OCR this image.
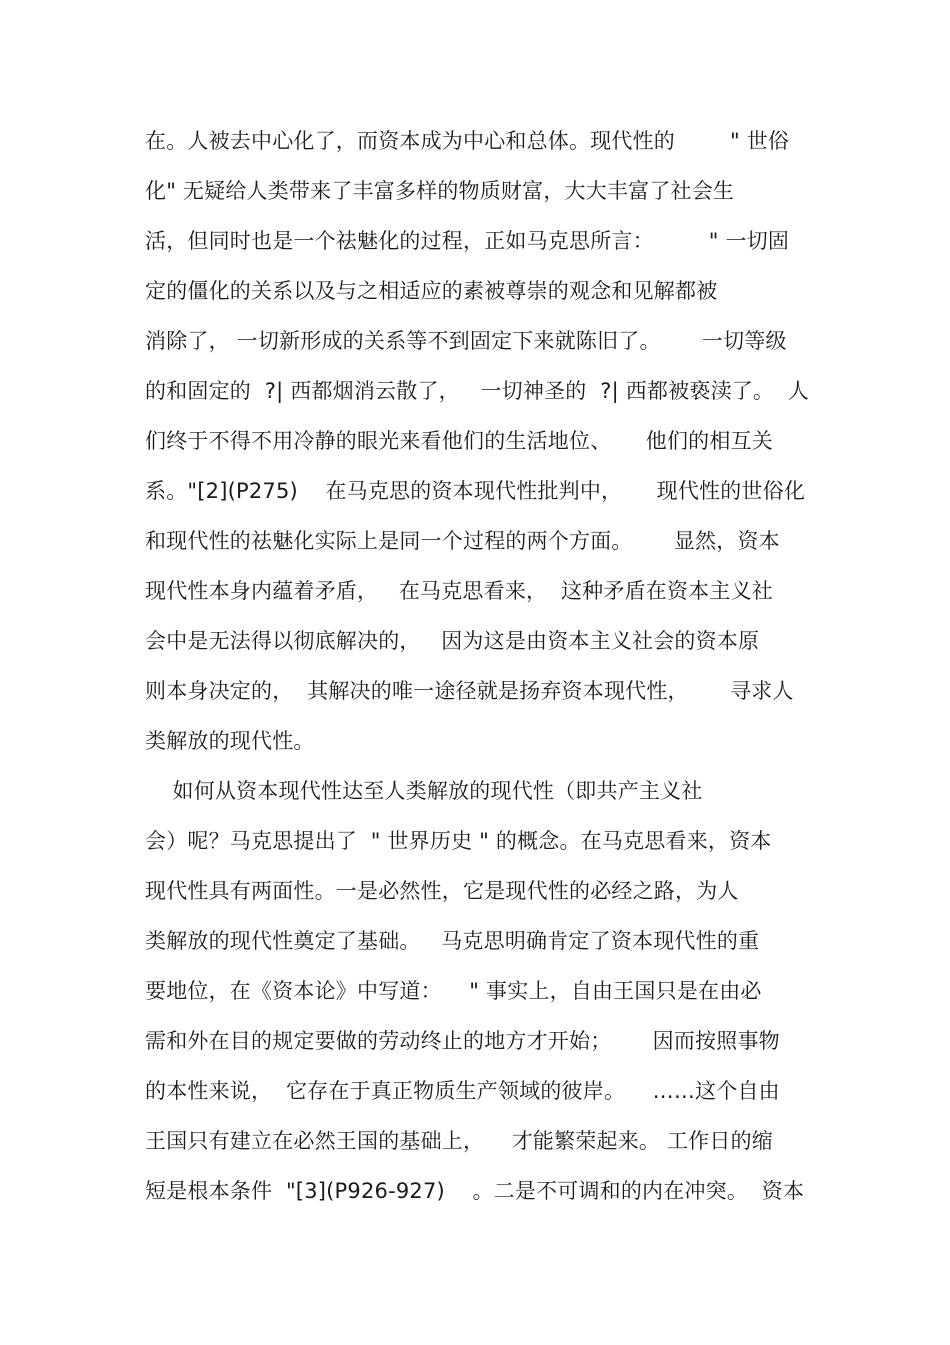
在。人被去中心化了，而资本成为中心和总体。现代性的        " 世俗
化" 无疑给人类带来了丰富多样的物质财富，大大丰富了社会生
活，但同时也是一个祛魅化的过程，正如马克思所言：        " 一切固
定的僵化的关系以及与之相适应的素被尊崇的观念和见解都被
消除了， 一切新形成的关系等不到固定下来就陈旧了。      一切等级
的和固定的  ?| 西都烟消云散了，   一切神圣的  ?| 西都被亵渎了。  人
们终于不得不用冷静的眼光来看他们的生活地位、     他们的相互关
系。"[2](P275)    在马克思的资本现代性批判中，     现代性的世俗化
和现代性的祛魅化实际上是同一个过程的两个方面。      显然，资本
现代性本身内蕴着矛盾，   在马克思看来，  这种矛盾在资本主义社
会中是无法得以彻底解决的，   因为这是由资本主义社会的资本原
则本身决定的，  其解决的唯一途径就是扬弃资本现代性，      寻求人
类解放的现代性。
如何从资本现代性达至人类解放的现代性（即共产主义社
会）呢？马克思提出了  " 世界历史 " 的概念。在马克思看来，资本
现代性具有两面性。一是必然性，它是现代性的必经之路，为人
类解放的现代性奠定了基础。   马克思明确肯定了资本现代性的重
要地位，在《资本论》中写道：    " 事实上，自由王国只是在由必
需和外在目的规定要做的劳动终止的地方才开始；      因而按照事物
的本性来说，  它存在于真正物质生产领域的彼岸。    ……这个自由
王国只有建立在必然王国的基础上，    才能繁荣起来。 工作日的缩
短是根本条件  "[3](P926-927)    。二是不可调和的内在冲突。  资本
